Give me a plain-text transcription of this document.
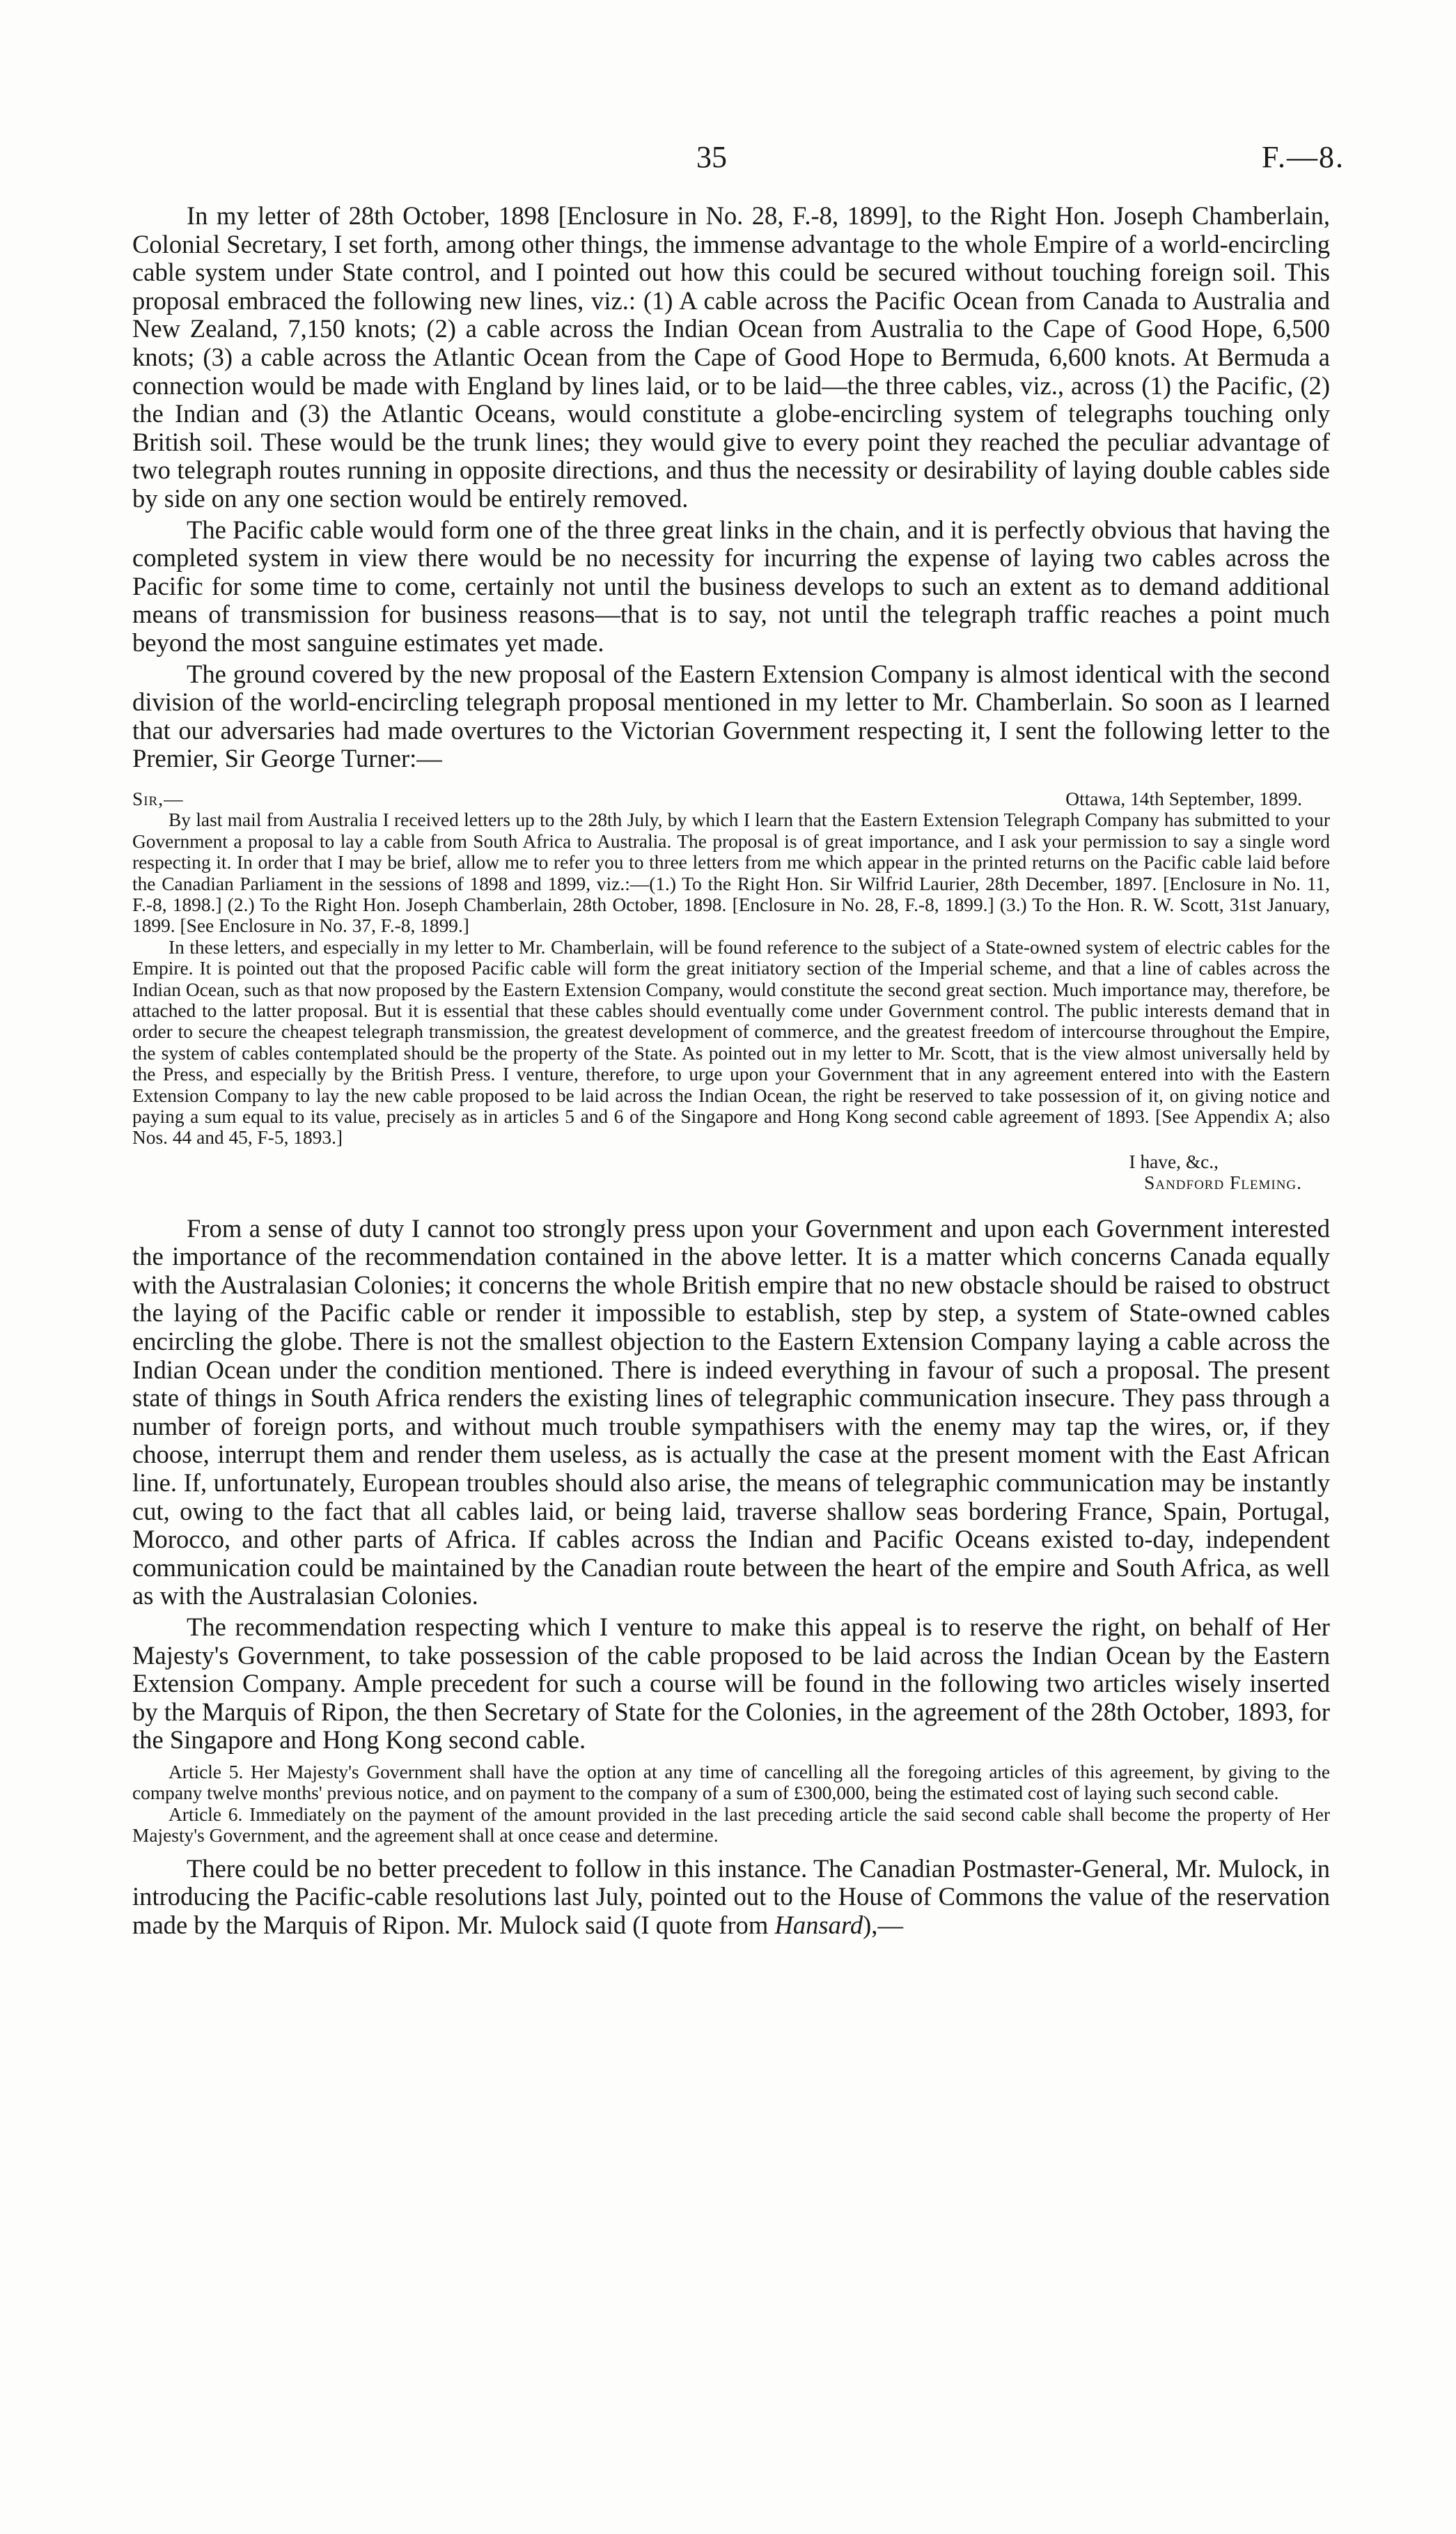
35	F.—8.

In my letter of 28th October, 1898 [Enclosure in No. 28, F.-8, 1899], to the Right Hon. Joseph Chamberlain, Colonial Secretary, I set forth, among other things, the immense advantage to the whole Empire of a world-encircling cable system under State control, and I pointed out how this could be secured without touching foreign soil. This proposal embraced the following new lines, viz.: (1) A cable across the Pacific Ocean from Canada to Australia and New Zealand, 7,150 knots; (2) a cable across the Indian Ocean from Australia to the Cape of Good Hope, 6,500 knots; (3) a cable across the Atlantic Ocean from the Cape of Good Hope to Bermuda, 6,600 knots. At Bermuda a connection would be made with England by lines laid, or to be laid—the three cables, viz., across (1) the Pacific, (2) the Indian and (3) the Atlantic Oceans, would constitute a globe-encircling system of telegraphs touching only British soil. These would be the trunk lines; they would give to every point they reached the peculiar advantage of two telegraph routes running in opposite directions, and thus the necessity or desirability of laying double cables side by side on any one section would be entirely removed.

The Pacific cable would form one of the three great links in the chain, and it is perfectly obvious that having the completed system in view there would be no necessity for incurring the expense of laying two cables across the Pacific for some time to come, certainly not until the business develops to such an extent as to demand additional means of transmission for business reasons—that is to say, not until the telegraph traffic reaches a point much beyond the most sanguine estimates yet made.

The ground covered by the new proposal of the Eastern Extension Company is almost identical with the second division of the world-encircling telegraph proposal mentioned in my letter to Mr. Chamberlain. So soon as I learned that our adversaries had made overtures to the Victorian Government respecting it, I sent the following letter to the Premier, Sir George Turner:—

Sir,—	Ottawa, 14th September, 1899.

By last mail from Australia I received letters up to the 28th July, by which I learn that the Eastern Extension Telegraph Company has submitted to your Government a proposal to lay a cable from South Africa to Australia. The proposal is of great importance, and I ask your permission to say a single word respecting it. In order that I may be brief, allow me to refer you to three letters from me which appear in the printed returns on the Pacific cable laid before the Canadian Parliament in the sessions of 1898 and 1899, viz.:—(1.) To the Right Hon. Sir Wilfrid Laurier, 28th December, 1897. [Enclosure in No. 11, F.-8, 1898.] (2.) To the Right Hon. Joseph Chamberlain, 28th October, 1898. [Enclosure in No. 28, F.-8, 1899.] (3.) To the Hon. R. W. Scott, 31st January, 1899. [See Enclosure in No. 37, F.-8, 1899.]

In these letters, and especially in my letter to Mr. Chamberlain, will be found reference to the subject of a State-owned system of electric cables for the Empire. It is pointed out that the proposed Pacific cable will form the great initiatory section of the Imperial scheme, and that a line of cables across the Indian Ocean, such as that now proposed by the Eastern Extension Company, would constitute the second great section. Much importance may, therefore, be attached to the latter proposal. But it is essential that these cables should eventually come under Government control. The public interests demand that in order to secure the cheapest telegraph transmission, the greatest development of commerce, and the greatest freedom of intercourse throughout the Empire, the system of cables contemplated should be the property of the State. As pointed out in my letter to Mr. Scott, that is the view almost universally held by the Press, and especially by the British Press. I venture, therefore, to urge upon your Government that in any agreement entered into with the Eastern Extension Company to lay the new cable proposed to be laid across the Indian Ocean, the right be reserved to take possession of it, on giving notice and paying a sum equal to its value, precisely as in articles 5 and 6 of the Singapore and Hong Kong second cable agreement of 1893. [See Appendix A; also Nos. 44 and 45, F-5, 1893.]

I have, &c.,
Sandford Fleming.

From a sense of duty I cannot too strongly press upon your Government and upon each Government interested the importance of the recommendation contained in the above letter. It is a matter which concerns Canada equally with the Australasian Colonies; it concerns the whole British empire that no new obstacle should be raised to obstruct the laying of the Pacific cable or render it impossible to establish, step by step, a system of State-owned cables encircling the globe. There is not the smallest objection to the Eastern Extension Company laying a cable across the Indian Ocean under the condition mentioned. There is indeed everything in favour of such a proposal. The present state of things in South Africa renders the existing lines of telegraphic communication insecure. They pass through a number of foreign ports, and without much trouble sympathisers with the enemy may tap the wires, or, if they choose, interrupt them and render them useless, as is actually the case at the present moment with the East African line. If, unfortunately, European troubles should also arise, the means of telegraphic communication may be instantly cut, owing to the fact that all cables laid, or being laid, traverse shallow seas bordering France, Spain, Portugal, Morocco, and other parts of Africa. If cables across the Indian and Pacific Oceans existed to-day, independent communication could be maintained by the Canadian route between the heart of the empire and South Africa, as well as with the Australasian Colonies.

The recommendation respecting which I venture to make this appeal is to reserve the right, on behalf of Her Majesty's Government, to take possession of the cable proposed to be laid across the Indian Ocean by the Eastern Extension Company. Ample precedent for such a course will be found in the following two articles wisely inserted by the Marquis of Ripon, the then Secretary of State for the Colonies, in the agreement of the 28th October, 1893, for the Singapore and Hong Kong second cable.

Article 5. Her Majesty's Government shall have the option at any time of cancelling all the foregoing articles of this agreement, by giving to the company twelve months' previous notice, and on payment to the company of a sum of £300,000, being the estimated cost of laying such second cable.

Article 6. Immediately on the payment of the amount provided in the last preceding article the said second cable shall become the property of Her Majesty's Government, and the agreement shall at once cease and determine.

There could be no better precedent to follow in this instance. The Canadian Postmaster-General, Mr. Mulock, in introducing the Pacific-cable resolutions last July, pointed out to the House of Commons the value of the reservation made by the Marquis of Ripon. Mr. Mulock said (I quote from Hansard),—
